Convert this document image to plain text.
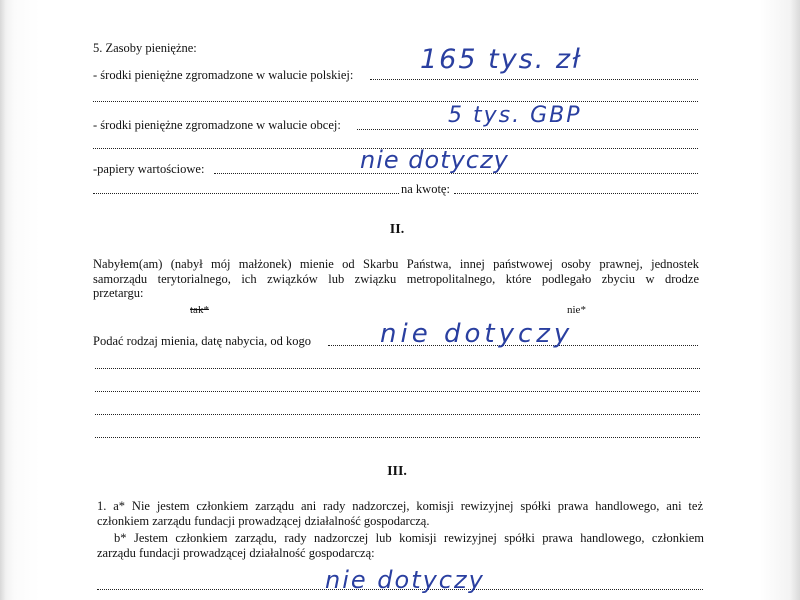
5. Zasoby pieniężne:
- środki pieniężne zgromadzone w walucie polskiej: 165 tys. zł
- środki pieniężne zgromadzone w walucie obcej:	5 tys. GBP
-papiery wartościowe:	nie dotyczy
na kwotę:
II.
Nabyłem(am) (nabył mój małżonek) mienie od Skarbu Państwa, innej państwowej osoby prawnej, jednostek
samorządu terytorialnego, ich związków lub związku metropolitalnego, które podlegało zbyciu w drodze
przetargu:
tak*	nie*
Podać rodzaj mienia, datę nabycia, od kogo	nie dotyczy
III.
1. a* Nie jestem członkiem zarządu ani rady nadzorczej, komisji rewizyjnej spółki prawa handlowego, ani też
członkiem zarządu fundacji prowadzącej działalność gospodarczą.
b* Jestem członkiem zarządu, rady nadzorczej lub komisji rewizyjnej spółki prawa handlowego, członkiem
zarządu fundacji prowadzącej działalność gospodarczą:
nie dotyczy
